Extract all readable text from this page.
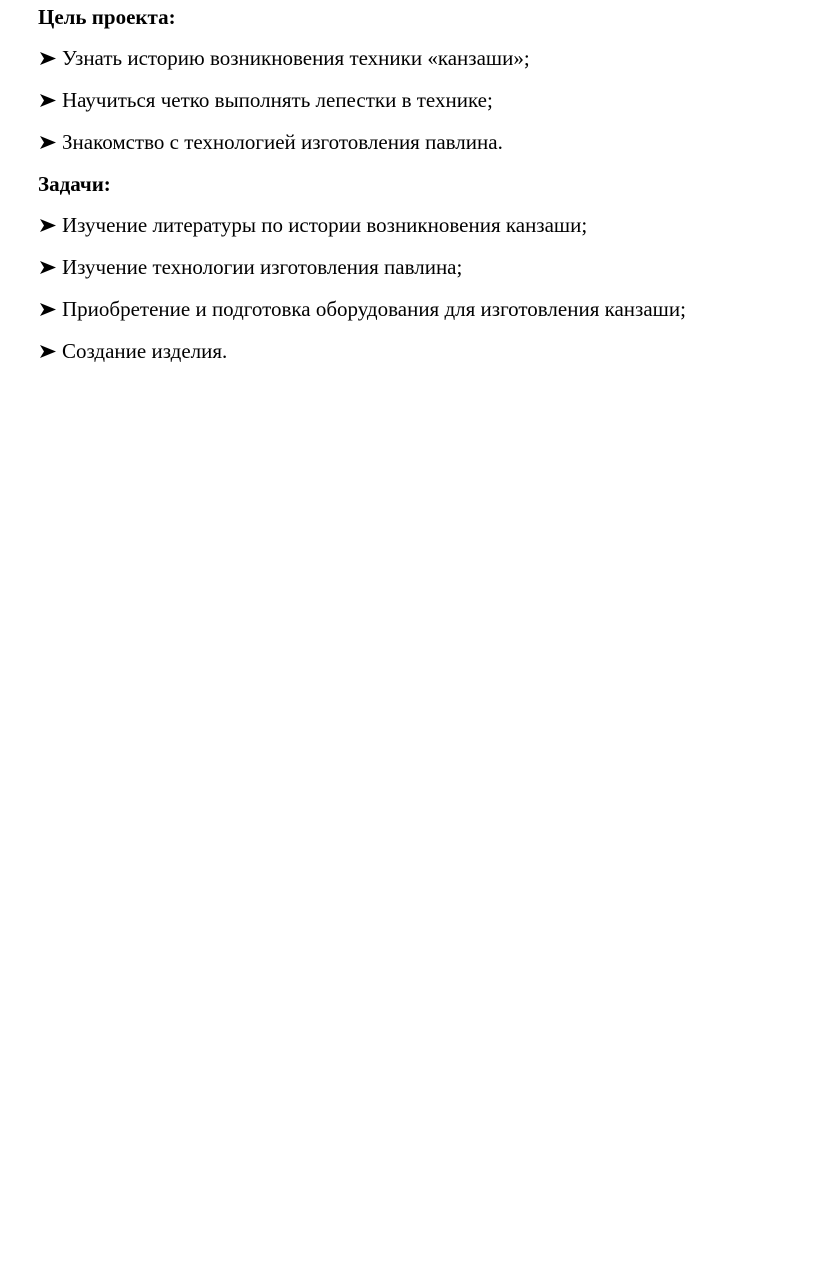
Цель проекта:
Узнать историю возникновения техники «канзаши»;
Научиться четко выполнять лепестки в технике;
Знакомство с технологией изготовления павлина.
Задачи:
Изучение литературы по истории возникновения канзаши;
Изучение технологии изготовления павлина;
Приобретение и подготовка оборудования для изготовления канзаши;
Создание изделия.
